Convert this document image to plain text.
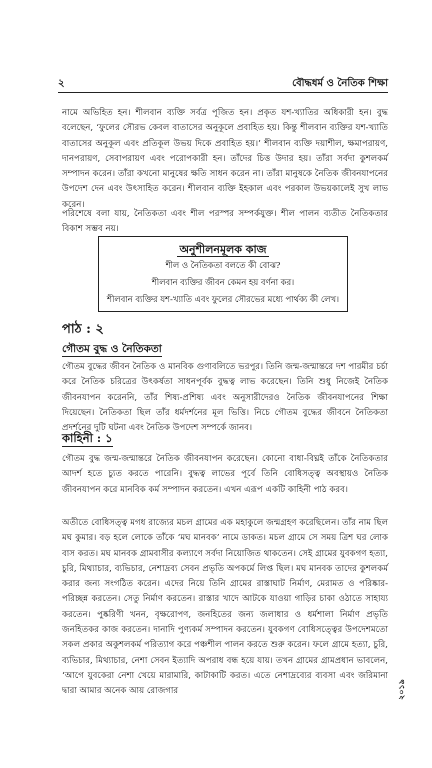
২	বৌদ্ধধর্ম ও নৈতিক শিক্ষা
নামে অভিহিত হন। শীলবান ব্যক্তি সর্বত্র পূজিত হন। প্রকৃত যশ-খ্যাতির অধিকারী হন। বুদ্ধ বলেছেন, ‘ফুলের সৌরভ কেবল বাতাসের অনুকূলে প্রবাহিত হয়। কিন্তু শীলবান ব্যক্তির যশ-খ্যাতি বাতাসের অনুকূল এবং প্রতিকূল উভয় দিকে প্রবাহিত হয়।’ শীলবান ব্যক্তি দয়াশীল, ক্ষমাপরায়ণ, দানপরায়ণ, সেবাপরায়ণ এবং পরোপকারী হন। তাঁদের চিত্ত উদার হয়। তাঁরা সর্বদা কুশলকর্ম সম্পাদন করেন। তাঁরা কখনো মানুষের ক্ষতি সাধন করেন না। তাঁরা মানুষকে নৈতিক জীবনযাপনের উপদেশ দেন এবং উৎসাহিত করেন। শীলবান ব্যক্তি ইহকাল এবং পরকাল উভয়কালেই সুখ লাভ করেন।
পরিশেষে বলা যায়, নৈতিকতা এবং শীল পরস্পর সম্পর্কযুক্ত। শীল পালন ব্যতীত নৈতিকতার বিকাশ সম্ভব নয়।
অনুশীলনমূলক কাজ
শীল ও নৈতিকতা বলতে কী বোঝ?
শীলবান ব্যক্তির জীবন কেমন হয় বর্ণনা কর।
শীলবান ব্যক্তির যশ-খ্যাতি এবং ফুলের সৌরভের মধ্যে পার্থক্য কী লেখ।
পাঠ : ২
গৌতম বুদ্ধ ও নৈতিকতা
গৌতম বুদ্ধের জীবন নৈতিক ও মানবিক গুণাবলিতে ভরপুর। তিনি জন্ম-জন্মান্তরে দশ পারমীর চর্চা করে নৈতিক চরিত্রের উৎকর্ষতা সাধনপূর্বক বুদ্ধত্ব লাভ করেছেন। তিনি শুধু নিজেই নৈতিক জীবনযাপন করেননি, তাঁর শিষ্য-প্রশিষ্য এবং অনুসারীদেরও নৈতিক জীবনযাপনের শিক্ষা দিয়েছেন। নৈতিকতা ছিল তাঁর ধর্মদর্শনের মূল ভিত্তি। নিচে গৌতম বুদ্ধের জীবনে নৈতিকতা প্রদর্শনের দুটি ঘটনা এবং নৈতিক উপদেশ সম্পর্কে জানব।
কাহিনী : ১
গৌতম বুদ্ধ জন্ম-জন্মান্তরে নৈতিক জীবনযাপন করেছেন। কোনো বাধা-বিঘ্নই তাঁকে নৈতিকতার আদর্শ হতে চ্যুত করতে পারেনি। বুদ্ধত্ব লাভের পূর্বে তিনি বোধিসত্ত্ব অবস্থায়ও নৈতিক জীবনযাপন করে মানবিক কর্ম সম্পাদন করতেন। এখন এরূপ একটি কাহিনী পাঠ করব।
অতীতে বোধিসত্ত্ব মগধ রাজ্যের মচল গ্রামের এক মহাকুলে জন্মগ্রহণ করেছিলেন। তাঁর নাম ছিল মঘ কুমার। বড় হলে লোকে তাঁকে ‘মঘ মানবক’ নামে ডাকত। মচল গ্রামে সে সময় ত্রিশ ঘর লোক বাস করত। মঘ মানবক গ্রামবাসীর কল্যাণে সর্বদা নিয়োজিত থাকতেন। সেই গ্রামের যুবকগণ হত্যা, চুরি, মিথ্যাচার, ব্যভিচার, নেশাদ্রব্য সেবন প্রভৃতি অপকর্মে লিপ্ত ছিল। মঘ মানবক তাদের কুশলকর্ম করার জন্য সংগঠিত করেন। এদের নিয়ে তিনি গ্রামের রাস্তাঘাট নির্মাণ, মেরামত ও পরিষ্কার-পরিচ্ছন্ন করতেন। সেতু নির্মাণ করতেন। রাস্তার খাদে আটকে যাওয়া গাড়ির চাকা ওঠাতে সাহায্য করতেন। পুষ্করিণী খনন, বৃক্ষরোপণ, জনহিতের জন্য জলাধার ও ধর্মশালা নির্মাণ প্রভৃতি জনহিতকর কাজ করতেন। দানাদি পুণ্যকর্ম সম্পাদন করতেন। যুবকগণ বোধিসত্ত্বের উপদেশমতো সকল প্রকার অকুশলকর্ম পরিত্যাগ করে পঞ্চশীল পালন করতে শুরু করেন। ফলে গ্রামে হত্যা, চুরি, ব্যভিচার, মিথ্যাচার, নেশা সেবন ইত্যাদি অপরাধ বন্ধ হয়ে যায়। তখন গ্রামের গ্রামপ্রধান ভাবলেন, ‘আগে যুবকেরা নেশা খেয়ে মারামারি, কাটাকাটি করত। এতে নেশাদ্রব্যের ব্যবসা এবং জরিমানা দ্বারা আমার অনেক আয় রোজগার	২০১৯
